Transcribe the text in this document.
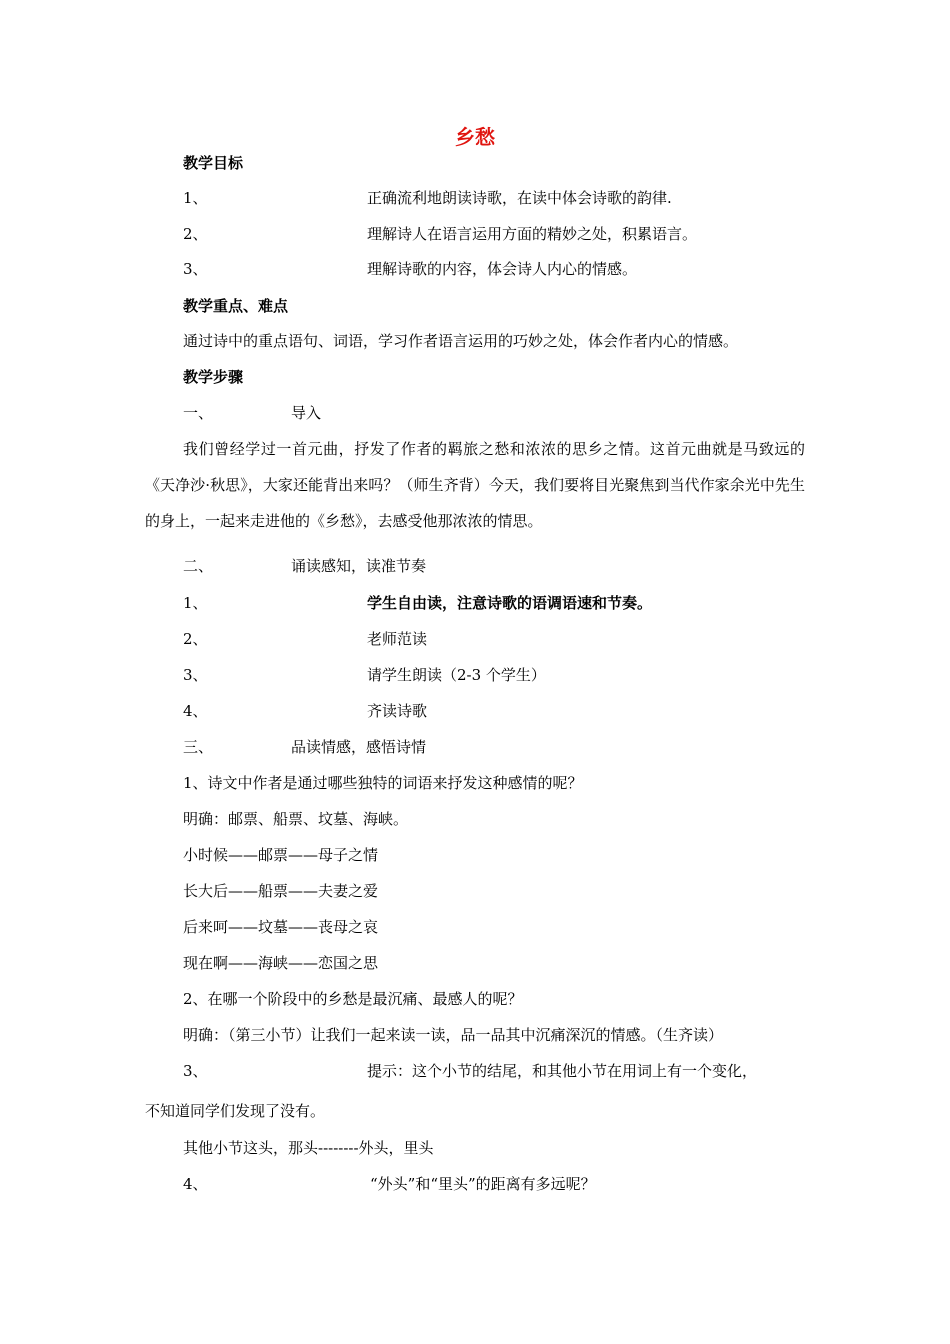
乡愁
教学目标
1、	正确流利地朗读诗歌，在读中体会诗歌的韵律.
2、	理解诗人在语言运用方面的精妙之处，积累语言。
3、	理解诗歌的内容，体会诗人内心的情感。
教学重点、难点
通过诗中的重点语句、词语，学习作者语言运用的巧妙之处，体会作者内心的情感。
教学步骤
一、	导入
我们曾经学过一首元曲，抒发了作者的羁旅之愁和浓浓的思乡之情。这首元曲就是马致远的《天净沙·秋思》，大家还能背出来吗？（师生齐背）今天，我们要将目光聚焦到当代作家余光中先生的身上，一起来走进他的《乡愁》，去感受他那浓浓的情思。
二、	诵读感知，读准节奏
1、	学生自由读，注意诗歌的语调语速和节奏。
2、	老师范读
3、	请学生朗读（2-3 个学生）
4、	齐读诗歌
三、	品读情感，感悟诗情
1、诗文中作者是通过哪些独特的词语来抒发这种感情的呢？
明确：邮票、船票、坟墓、海峡。
小时候——邮票——母子之情
长大后——船票——夫妻之爱
后来呵——坟墓——丧母之哀
现在啊——海峡——恋国之思
2、在哪一个阶段中的乡愁是最沉痛、最感人的呢？
明确：（第三小节）让我们一起来读一读，品一品其中沉痛深沉的情感。（生齐读）
3、	提示：这个小节的结尾，和其他小节在用词上有一个变化，
不知道同学们发现了没有。
其他小节这头，那头--------外头，里头
4、	“外头”和“里头”的距离有多远呢？
